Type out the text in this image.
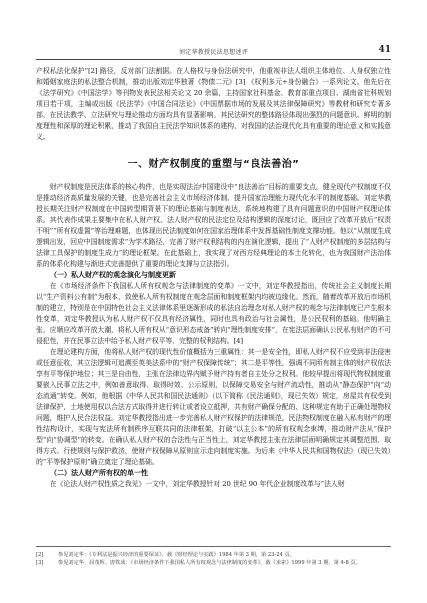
刘定华教授民法思想述评	41

产权私法化保护”[2] 路径，反对部门法割据。在人格权与身份法研究中，他重视非法人组织主体地位、人身权独立性和婚姻家庭法的私法整合机制，推动出版刘定华独著《物债二元》[3] 《权利多元+身份融合》一系列论文。他先后在《法学研究》《中国法学》等刊物发表民法相关论文 20 余篇，主持国家社科基金、教育部重点项目、湖南省社科规划项目若干项，主编或出版《民法学》《中国合同法论》《中国票据市场的发展及其法律保障研究》等教材和研究专著多部，在民法教学、立法研究与理论推动方面均具有显著影响。其民法研究的整体路径体现出强烈的问题意识、鲜明的制度理性和深厚的理论积累，推动了我国自主民法学知识体系的建构，对我国的法治现代化具有重要的理论意义和实践意义。

一、财产权制度的重塑与“良法善治”

财产权制度是民法体系的核心构件，也是实现法治中国建设中“良法善治”目标的重要支点。健全现代产权制度不仅是推动经济高质量发展的关键，也是完善社会主义市场经济体制、提升国家治理能力现代化水平的制度基础。刘定华教授长期关注财产权制度在中国转型期背景下的理论基础与制度表达，系统地构建了具有问题意识的中国财产权理论体系。其代表作成果主要集中在私人财产权、法人财产权的民法定位及结构逻辑的深度讨论，既回应了改革开放后“权责不明”“所有权虚置”等治理难题，也体现出民法制度如何在国家治理体系中发挥基础性制度支撑功能。他以“从制度生成逻辑出发，回应中国制度需求”为学术路径，完善了财产权利结构的内在演化逻辑，提出了“人财产权制度的多层结构与法律工具保护的制度生成力”的理论框架。在此基础上，我实现了对西方经典理论的本土化转化，也为我国财产法治体系的体系化构建与渐进式完善提供了重要的理论支撑与立法指引。

（一）私人财产权的观念演化与制度更新

在《市场经济条件下我国私人所有权观念与法律制度的变革》一文中，刘定华教授指出，传统社会主义制度长期以“生产资料公有制”为根本，致使私人所有权制度在观念层面和制度框架内均被边缘化。然而，随着改革开放后市场机制的建立，特别是在中国特色社会主义法律体系里逐渐形成的私法自治理念对私人财产权的观念与法律制度已产生根本性变革，刘定华教授认为私人财产权不仅具有经济属性，同时也具有政治与社会属性，是公民权利的基础。他明确主张，应顺应改革开放大潮，将私人所有权从“意识形态戒备”转向“理性制度安排”，在宪法层面确认公民私有财产的不可侵犯性，并在民事立法中给予私人财产权平等、完整的权利结构。[4]

在理论建构方面，他将私人财产权的现代性价值概括为三重属性：其一是安全性，即私人财产权不应受到非法侵害或任意征收，其立法逻辑可追溯至英美法系中的“财产权保障传统”；其二是平等性，强调不同所有制主体的财产权依法享有平等保护地位；其三是自由性，主张在法律边界内赋予财产持有者自主处分之权利。他较早提出将现代物权制度重要嵌入民事立法之中，例如善意取得、取得时效、公示原则，以保障交易安全与财产流动性，推动从“静态保护”向“动态流通”转变。例如，他根据《中华人民共和国民法通则》（以下简称《民法通则》，现已失效）规定，房屋共有权受到法律保护，土地使用权以合法方式取得并进行转让或者设立抵押，共有财产确保分配的、这种规定有助于正确处理物权问题，维护人民合法权益。刘定华教授指出进一步完善私人财产权保护的法律规范，民法物权制度在融入私有财产的理性结构设计，实现与宪法所有制秩序互联共同的法律框架，打破“以主公本”的所有权观念束缚，推动财产法从“保护型”向“协调型”的转变。在确认私人财产权的合法性与正当性上，刘定华教授主张在法律层面明确规定其调整范围、取得方式、行使规则与保护救济，使财产权保障从原则宣示走向制度实施。为后来《中华人民共和国物权法》（现已失效）的“平等保护原则”确立奠定了理论基础。

（二）法人财产所有权的单一性

在《论法人财产权性质之我见》一文中，刘定华教授针对 20 世纪 90 年代企业制度改革与“法人财

[2]	参见刘定华：《专利法是振兴经济的重要保证》，载《财经理论与实践》1984 年第 3 期，第 23-24 页。
[3]	参见刘定华、屈茂辉、唐铁成：《市场经济条件下我国私人所有权观念与法律制度的变革》，载《求索》1999 年第 3 期，第 4-8 页。
